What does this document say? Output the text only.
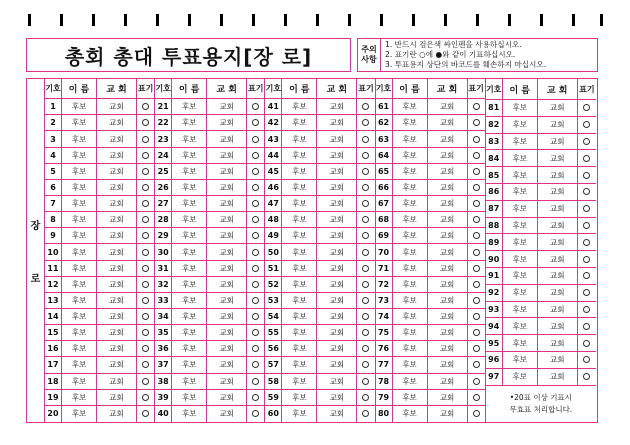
총회 총대 투표용지[장 로]	주의
사항
1. 반드시 검은색 싸인펜을 사용하십시오.
2. 표기란 ○에 ●와 같이 기표하십시오.
3. 투표용지 상단의 바코드를 훼손하지 마십시오.
장
로
기호 이 름	교 회	표기
1	후보	교회
2	후보	교회
3	후보	교회
4	후보	교회
5	후보	교회
6	후보	교회
7	후보	교회
8	후보	교회
9	후보	교회
10	후보	교회
11	후보	교회
12	후보	교회
13	후보	교회
14	후보	교회
15	후보	교회
16	후보	교회
17	후보	교회
18	후보	교회
19	후보	교회
20	후보	교회
기호 이 름	교 회	표기
21	후보	교회
22	후보	교회
23	후보	교회
24	후보	교회
25	후보	교회
26	후보	교회
27	후보	교회
28	후보	교회
29	후보	교회
30	후보	교회
31	후보	교회
32	후보	교회
33	후보	교회
34	후보	교회
35	후보	교회
36	후보	교회
37	후보	교회
38	후보	교회
39	후보	교회
40	후보	교회
기호 이 름	교 회	표기
41	후보	교회
42	후보	교회
43	후보	교회
44	후보	교회
45	후보	교회
46	후보	교회
47	후보	교회
48	후보	교회
49	후보	교회
50	후보	교회
51	후보	교회
52	후보	교회
53	후보	교회
54	후보	교회
55	후보	교회
56	후보	교회
57	후보	교회
58	후보	교회
59	후보	교회
60	후보	교회
기호 이 름	교 회	표기
61	후보	교회
62	후보	교회
63	후보	교회
64	후보	교회
65	후보	교회
66	후보	교회
67	후보	교회
68	후보	교회
69	후보	교회
70	후보	교회
71	후보	교회
72	후보	교회
73	후보	교회
74	후보	교회
75	후보	교회
76	후보	교회
77	후보	교회
78	후보	교회
79	후보	교회
80	후보	교회
기호 이 름	교 회	표기
81	후보	교회
82	후보	교회
83	후보	교회
84	후보	교회
85	후보	교회
86	후보	교회
87	후보	교회
88	후보	교회
89	후보	교회
90	후보	교회
91	후보	교회
92	후보	교회
93	후보	교회
94	후보	교회
95	후보	교회
96	후보	교회
97	후보	교회
•20표 이상 기표시
무효표 처리합니다.
